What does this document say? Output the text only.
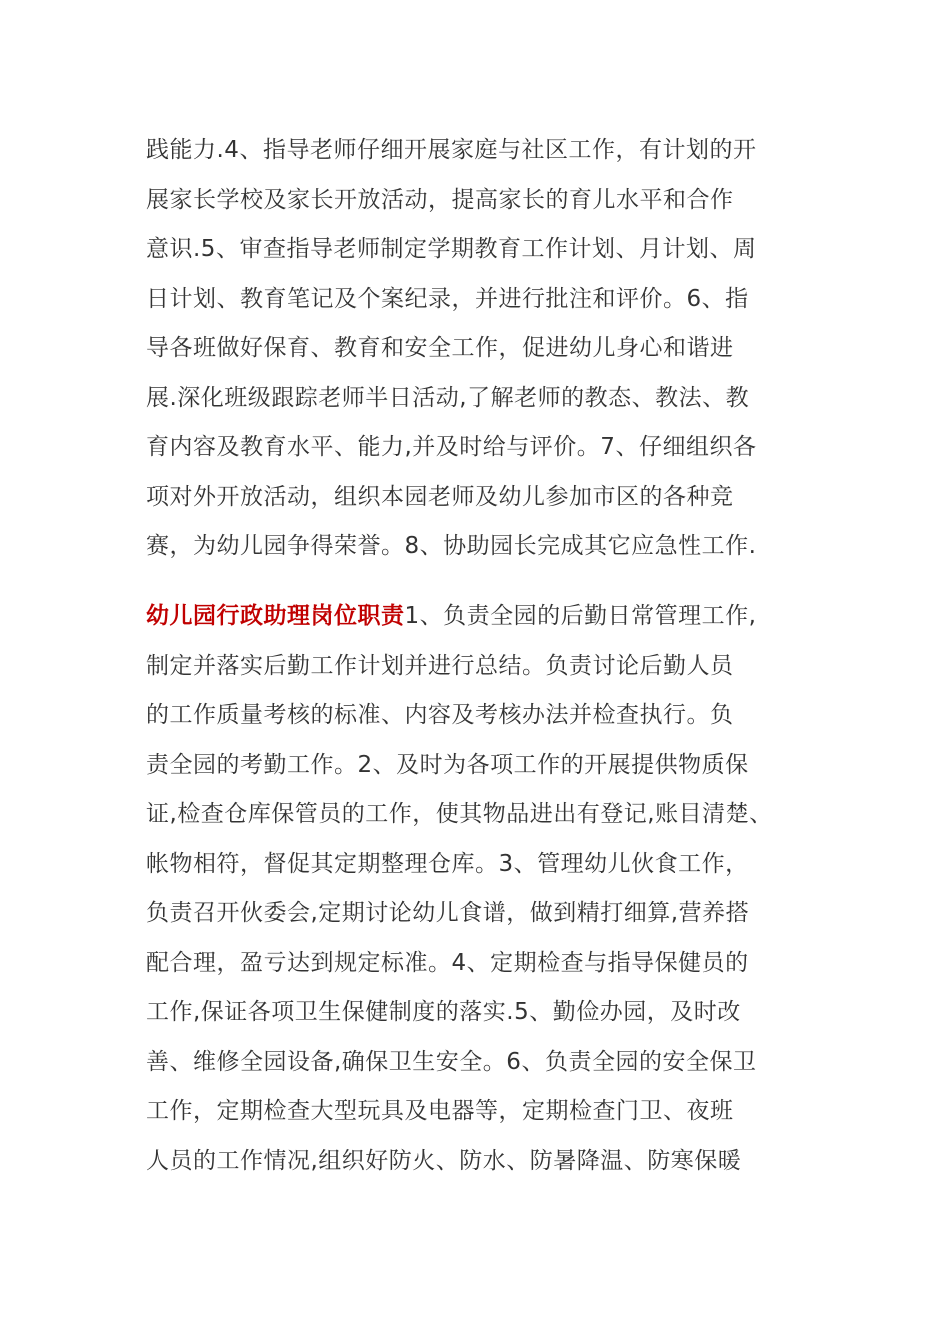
践能力.4、指导老师仔细开展家庭与社区工作，有计划的开
展家长学校及家长开放活动，提高家长的育儿水平和合作
意识.5、审查指导老师制定学期教育工作计划、月计划、周
日计划、教育笔记及个案纪录，并进行批注和评价。6、指
导各班做好保育、教育和安全工作，促进幼儿身心和谐进
展.深化班级跟踪老师半日活动,了解老师的教态、教法、教
育内容及教育水平、能力,并及时给与评价。7、仔细组织各
项对外开放活动，组织本园老师及幼儿参加市区的各种竞
赛，为幼儿园争得荣誉。8、协助园长完成其它应急性工作.
幼儿园行政助理岗位职责1、负责全园的后勤日常管理工作,
制定并落实后勤工作计划并进行总结。负责讨论后勤人员
的工作质量考核的标准、内容及考核办法并检查执行。负
责全园的考勤工作。2、及时为各项工作的开展提供物质保
证,检查仓库保管员的工作，使其物品进出有登记,账目清楚、
帐物相符，督促其定期整理仓库。3、管理幼儿伙食工作，
负责召开伙委会,定期讨论幼儿食谱，做到精打细算,营养搭
配合理，盈亏达到规定标准。4、定期检查与指导保健员的
工作,保证各项卫生保健制度的落实.5、勤俭办园，及时改
善、维修全园设备,确保卫生安全。6、负责全园的安全保卫
工作，定期检查大型玩具及电器等，定期检查门卫、夜班
人员的工作情况,组织好防火、防水、防暑降温、防寒保暖
